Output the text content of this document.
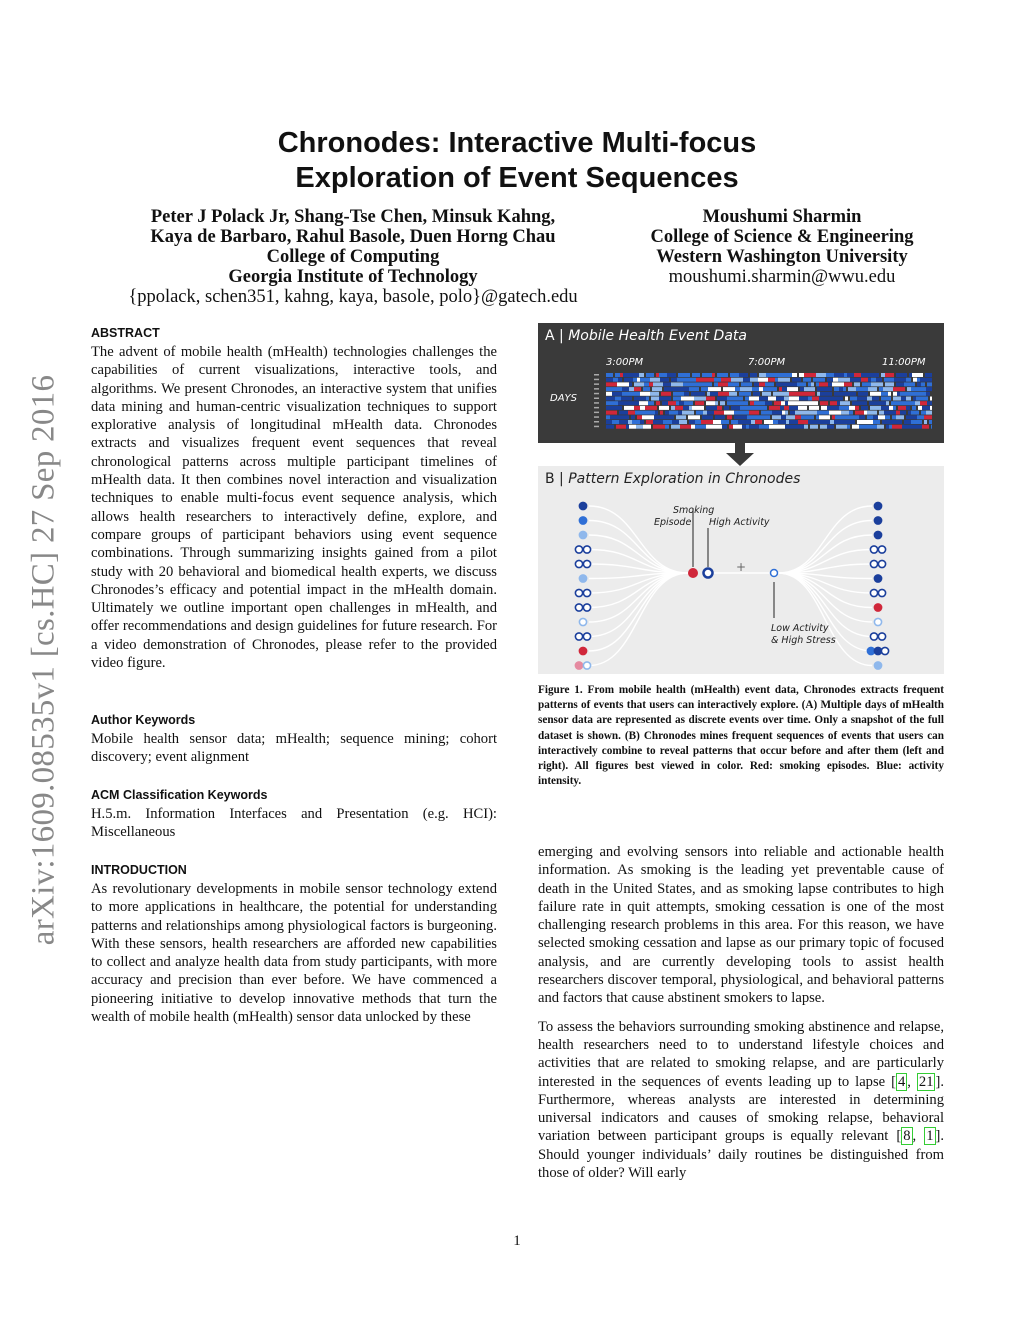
arXiv:1609.08535v1 [cs.HC] 27 Sep 2016
Chronodes: Interactive Multi-focus
Exploration of Event Sequences
Peter J Polack Jr, Shang-Tse Chen, Minsuk Kahng,
Kaya de Barbaro, Rahul Basole, Duen Horng Chau
College of Computing
Georgia Institute of Technology
{ppolack, schen351, kahng, kaya, basole, polo}@gatech.edu
Moushumi Sharmin
College of Science & Engineering
Western Washington University
moushumi.sharmin@wwu.edu
ABSTRACT

The advent of mobile health (mHealth) technologies challenges the capabilities of current visualizations, interactive tools, and algorithms. We present Chronodes, an interactive system that unifies data mining and human-centric visualization techniques to support explorative analysis of longitudinal mHealth data. Chronodes extracts and visualizes frequent event sequences that reveal chronological patterns across multiple participant timelines of mHealth data. It then combines novel interaction and visualization techniques to enable multi-focus event sequence analysis, which allows health researchers to interactively define, explore, and compare groups of participant behaviors using event sequence combinations. Through summarizing insights gained from a pilot study with 20 behavioral and biomedical health experts, we discuss Chronodes’s efficacy and potential impact in the mHealth domain. Ultimately we outline important open challenges in mHealth, and offer recommendations and design guidelines for future research. For a video demonstration of Chronodes, please refer to the provided video figure.

Author Keywords

Mobile health sensor data; mHealth; sequence mining; cohort discovery; event alignment

ACM Classification Keywords

H.5.m. Information Interfaces and Presentation (e.g. HCI): Miscellaneous

INTRODUCTION

As revolutionary developments in mobile sensor technology extend to more applications in healthcare, the potential for understanding patterns and relationships among physiological factors is burgeoning. With these sensors, health researchers are afforded new capabilities to collect and analyze health data from study participants, with more accuracy and precision than ever before. We have commenced a pioneering initiative to develop innovative methods that turn the wealth of mobile health (mHealth) sensor data unlocked by these

A | Mobile Health Event Data
3:00PM	7:00PM	11:00PM
DAYS
B | Pattern Exploration in Chronodes
Smoking
Episode High Activity
+
Low Activity
& High Stress
Figure 1. From mobile health (mHealth) event data, Chronodes extracts frequent patterns of events that users can interactively explore. (A) Multiple days of mHealth sensor data are represented as discrete events over time. Only a snapshot of the full dataset is shown. (B) Chronodes mines frequent sequences of events that users can interactively combine to reveal patterns that occur before and after them (left and right). All figures best viewed in color. Red: smoking episodes. Blue: activity intensity.

emerging and evolving sensors into reliable and actionable health information. As smoking is the leading yet preventable cause of death in the United States, and as smoking lapse contributes to high failure rate in quit attempts, smoking cessation is one of the most challenging research problems in this area. For this reason, we have selected smoking cessation and lapse as our primary topic of focused analysis, and are currently developing tools to assist health researchers discover temporal, physiological, and behavioral patterns and factors that cause abstinent smokers to lapse.

To assess the behaviors surrounding smoking abstinence and relapse, health researchers need to to understand lifestyle choices and activities that are related to smoking relapse, and are particularly interested in the sequences of events leading up to lapse [ 4 , 21 ]. Furthermore, whereas analysts are interested in determining universal indicators and causes of smoking relapse, behavioral variation between participant groups is equally relevant [ 8 , 1 ]. Should younger individuals’ daily routines be distinguished from those of older? Will early

1
